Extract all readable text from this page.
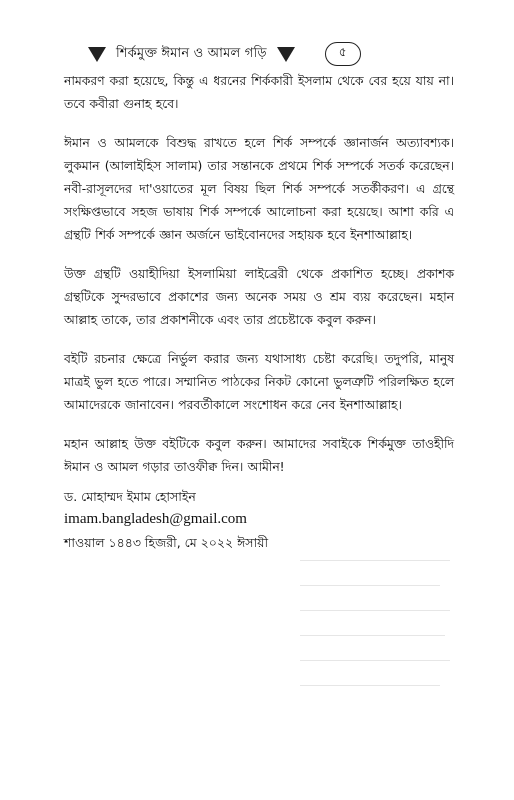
শির্কমুক্ত ঈমান ও আমল গড়ি	৫

নামকরণ করা হয়েছে, কিন্তু এ ধরনের শির্ককারী ইসলাম থেকে বের হয়ে যায় না। তবে কবীরা গুনাহ হবে।

ঈমান ও আমলকে বিশুদ্ধ রাখতে হলে শির্ক সম্পর্কে জ্ঞানার্জন অত্যাবশ্যক। লুকমান (আলাইহিস সালাম) তার সন্তানকে প্রথমে শির্ক সম্পর্কে সতর্ক করেছেন। নবী-রাসূলদের দা'ওয়াতের মূল বিষয় ছিল শির্ক সম্পর্কে সতর্কীকরণ। এ গ্রন্থে সংক্ষিপ্তভাবে সহজ ভাষায় শির্ক সম্পর্কে আলোচনা করা হয়েছে। আশা করি এ গ্রন্থটি শির্ক সম্পর্কে জ্ঞান অর্জনে ভাইবোনদের সহায়ক হবে ইনশাআল্লাহ।

উক্ত গ্রন্থটি ওয়াহীদিয়া ইসলামিয়া লাইব্রেরী থেকে প্রকাশিত হচ্ছে। প্রকাশক গ্রন্থটিকে সুন্দরভাবে প্রকাশের জন্য অনেক সময় ও শ্রম ব্যয় করেছেন। মহান আল্লাহ তাকে, তার প্রকাশনীকে এবং তার প্রচেষ্টাকে কবুল করুন।

বইটি রচনার ক্ষেত্রে নির্ভুল করার জন্য যথাসাধ্য চেষ্টা করেছি। তদুপরি, মানুষ মাত্রই ভুল হতে পারে। সম্মানিত পাঠকের নিকট কোনো ভুলত্রুটি পরিলক্ষিত হলে আমাদেরকে জানাবেন। পরবর্তীকালে সংশোধন করে নেব ইনশাআল্লাহ।

মহান আল্লাহ উক্ত বইটিকে কবুল করুন। আমাদের সবাইকে শির্কমুক্ত তাওহীদি ঈমান ও আমল গড়ার তাওফীক্ব দিন। আমীন!

ড. মোহাম্মদ ইমাম হোসাইন
imam.bangladesh@gmail.com
শাওয়াল ১৪৪৩ হিজরী, মে ২০২২ ঈসায়ী
